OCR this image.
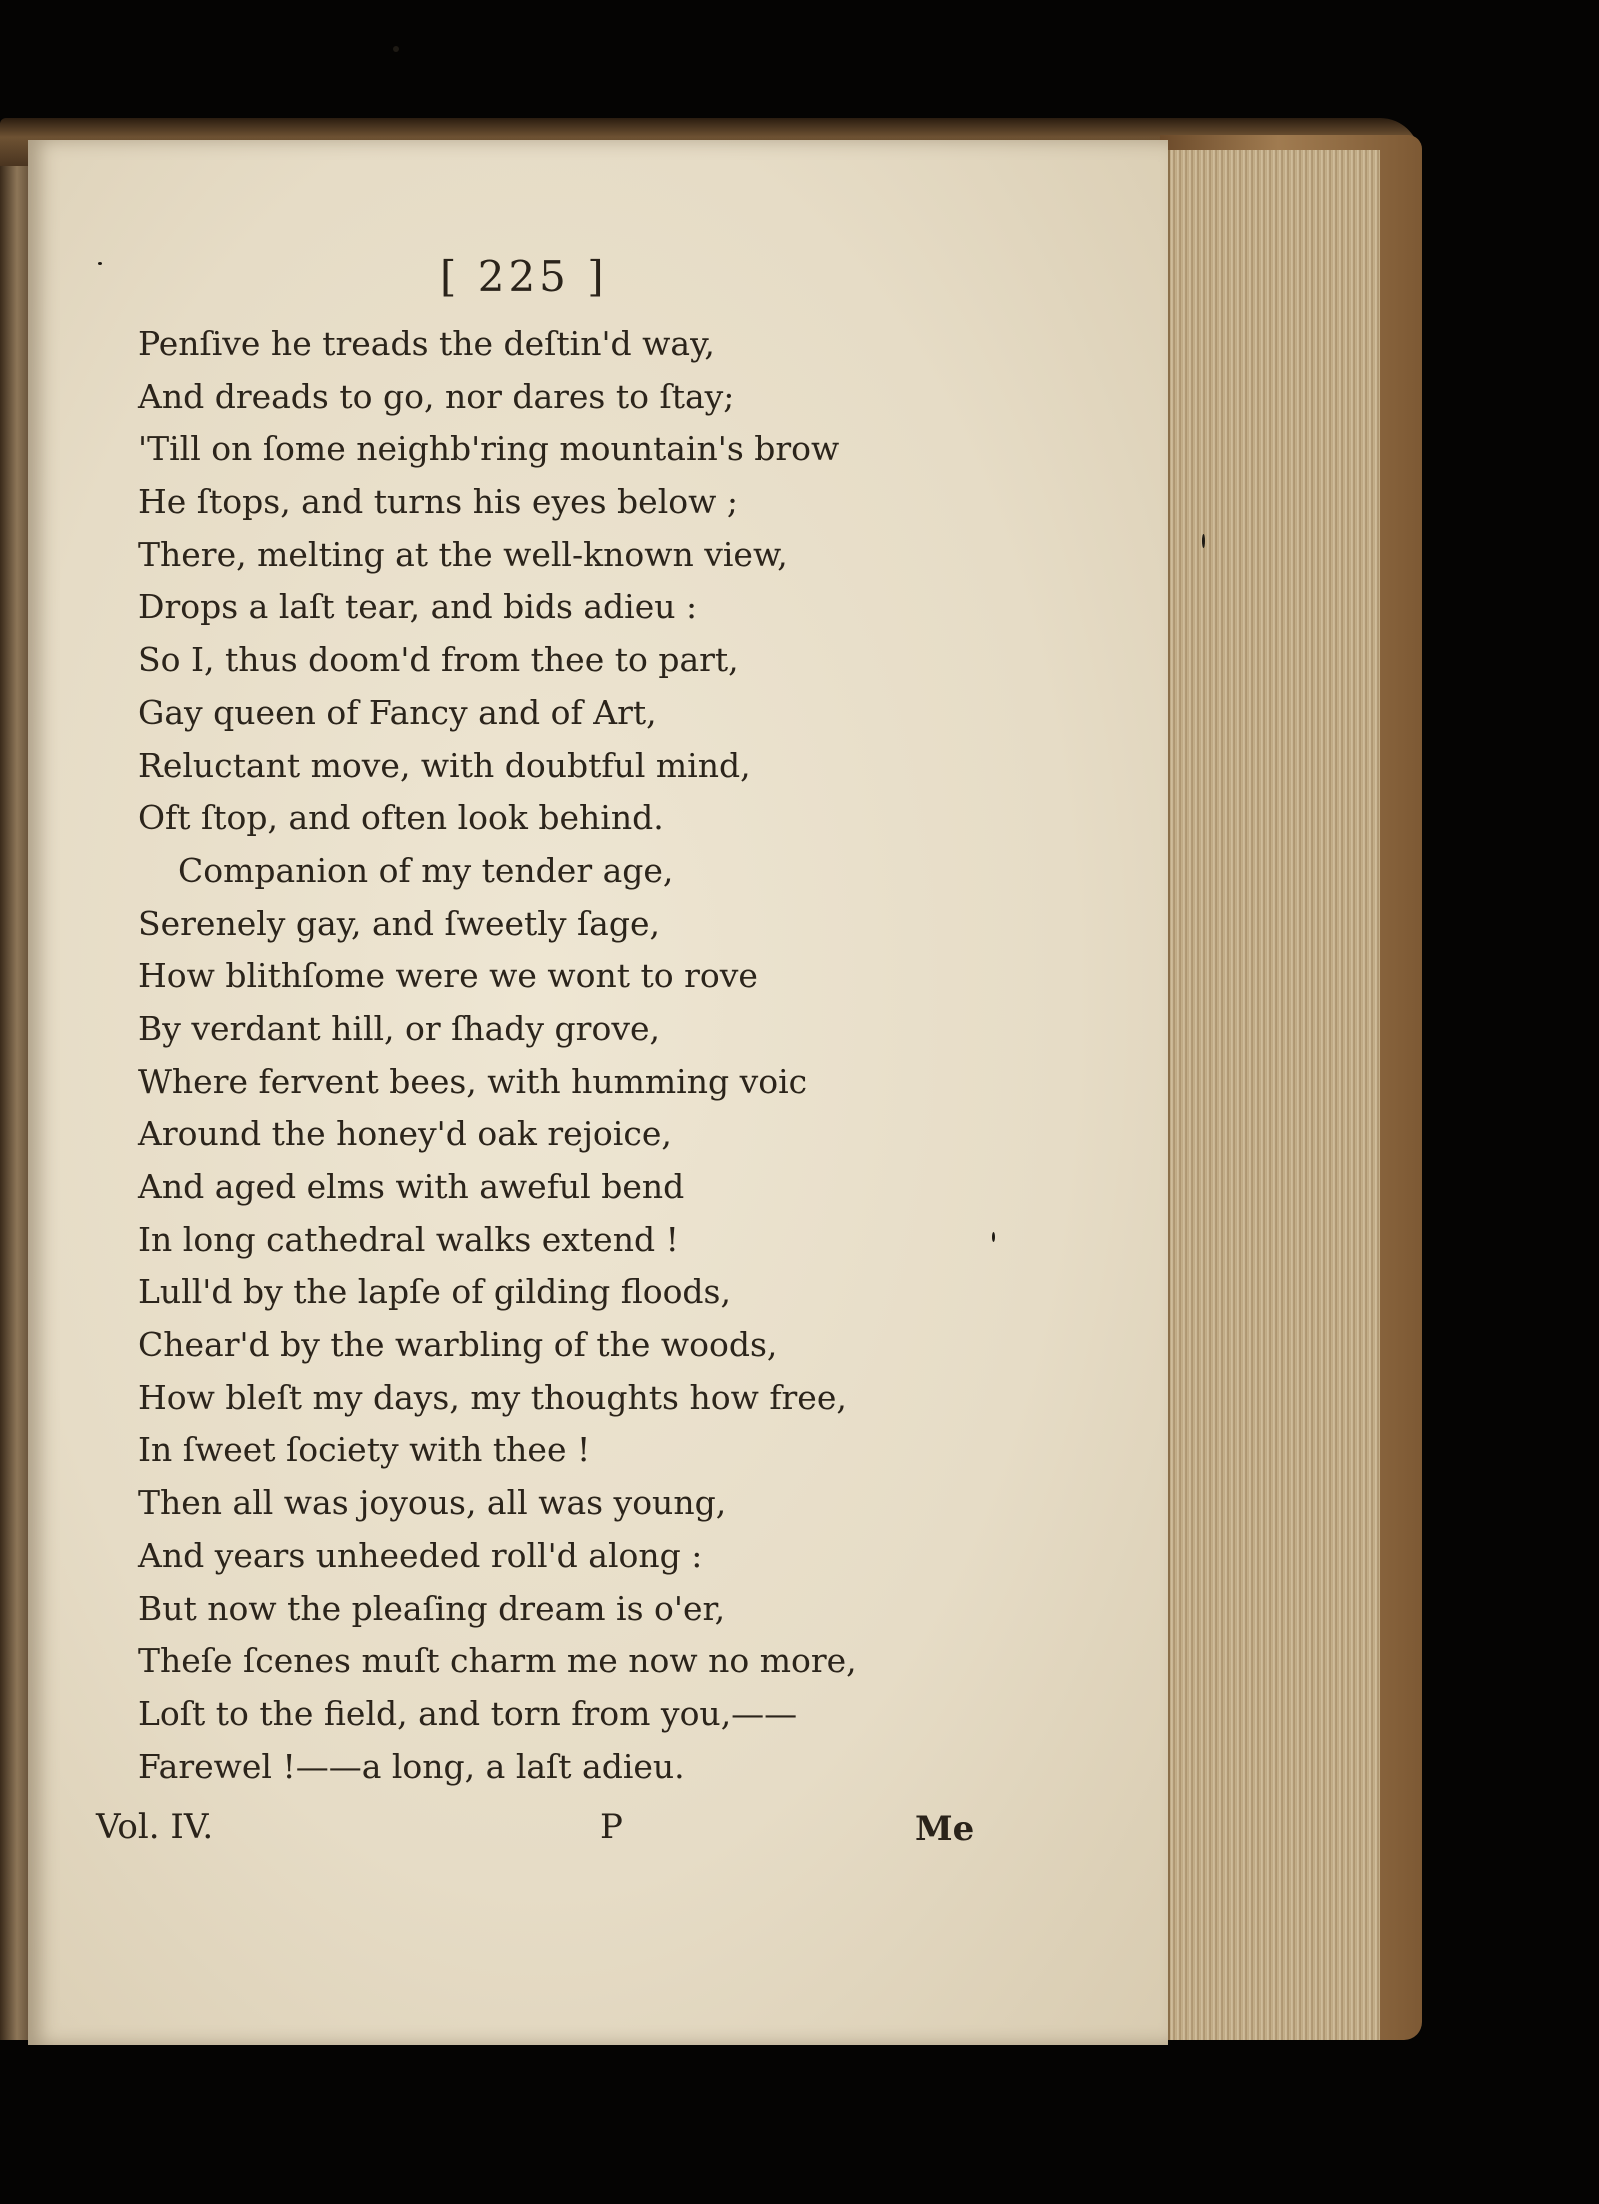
[ 225 ]
Penſive he treads the deſtin'd way,
And dreads to go, nor dares to ſtay;
'Till on ſome neighb'ring mountain's brow
He ſtops, and turns his eyes below ;
There, melting at the well-known view,
Drops a laſt tear, and bids adieu :
So I, thus doom'd from thee to part,
Gay queen of Fancy and of Art,
Reluctant move, with doubtful mind,
Oft ſtop, and often look behind.
Companion of my tender age,
Serenely gay, and ſweetly ſage,
How blithſome were we wont to rove
By verdant hill, or ſhady grove,
Where fervent bees, with humming voic
Around the honey'd oak rejoice,
And aged elms with aweful bend
In long cathedral walks extend !
Lull'd by the lapſe of gilding floods,
Chear'd by the warbling of the woods,
How bleſt my days, my thoughts how free,
In ſweet ſociety with thee !
Then all was joyous, all was young,
And years unheeded roll'd along :
But now the pleaſing dream is o'er,
Theſe ſcenes muſt charm me now no more,
Loſt to the field, and torn from you,——
Farewel !——a long, a laſt adieu.
Vol. IV.	P	Me
